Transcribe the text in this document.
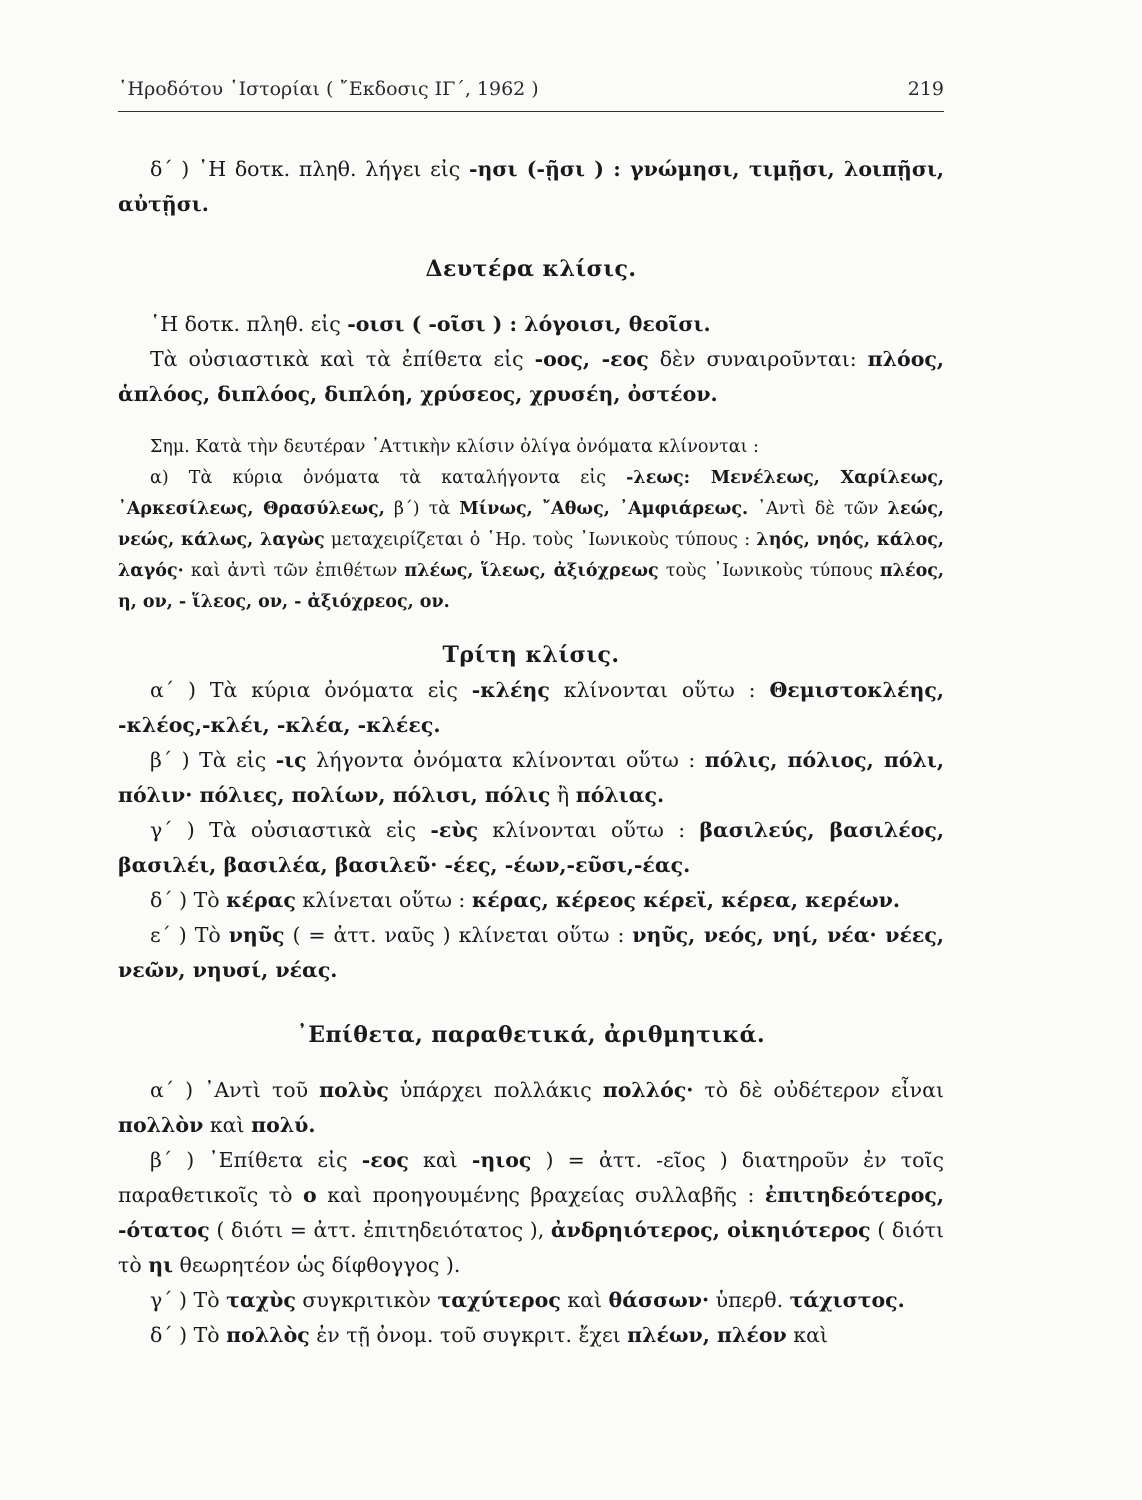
῾Ηροδότου ῾Ιστορίαι ( ῎Εκδοσις ΙΓ΄, 1962 )	219

δ΄ ) ῾Η δοτκ. πληθ. λήγει εἰς -ησι (-ῇσι ) : γνώμησι, τιμῇσι, λοιπῇσι, αὐτῇσι.

Δευτέρα κλίσις.

῾Η δοτκ. πληθ. εἰς -οισι ( -οῖσι ) : λόγοισι, θεοῖσι.

Τὰ οὐσιαστικὰ καὶ τὰ ἐπίθετα εἰς -οος, -εος δὲν συναιροῦνται: πλόος, ἁπλόος, διπλόος, διπλόη, χρύσεος, χρυσέη, ὀστέον.

Σημ. Κατὰ τὴν δευτέραν ᾿Αττικὴν κλίσιν ὀλίγα ὀνόματα κλίνονται :

α) Τὰ κύρια ὀνόματα τὰ καταλήγοντα εἰς -λεως: Μενέλεως, Χαρίλεως, ᾿Αρκεσίλεως, Θρασύλεως, β΄) τὰ Μίνως, ῎Αθως, ᾿Αμφιάρεως. ᾿Αντὶ δὲ τῶν λεώς, νεώς, κάλως, λαγὼς μεταχειρίζεται ὁ ῾Ηρ. τοὺς ᾿Ιωνικοὺς τύπους : ληός, νηός, κάλος, λαγός· καὶ ἀντὶ τῶν ἐπιθέτων πλέως, ἵλεως, ἀξιόχρεως τοὺς ᾿Ιωνικοὺς τύπους πλέος, η, ον, - ἵλεος, ον, - ἀξιόχρεος, ον.

Τρίτη κλίσις.

α΄ ) Τὰ κύρια ὀνόματα εἰς -κλέης κλίνονται οὕτω : Θεμιστοκλέης, -κλέος,-κλέι, -κλέα, -κλέες.

β΄ ) Τὰ εἰς -ις λήγοντα ὀνόματα κλίνονται οὕτω : πόλις, πόλιος, πόλι, πόλιν· πόλιες, πολίων, πόλισι, πόλις ἢ πόλιας.

γ΄ ) Τὰ οὐσιαστικὰ εἰς -εὺς κλίνονται οὕτω : βασιλεύς, βασιλέος, βασιλέι, βασιλέα, βασιλεῦ· -έες, -έων,-εῦσι,-έας.

δ΄ ) Τὸ κέρας κλίνεται οὕτω : κέρας, κέρεος κέρεϊ, κέρεα, κερέων.

ε΄ ) Τὸ νηῦς ( = ἀττ. ναῦς ) κλίνεται οὕτω : νηῦς, νεός, νηί, νέα· νέες, νεῶν, νηυσί, νέας.

᾿Επίθετα, παραθετικά, ἀριθμητικά.

α΄ ) ᾿Αντὶ τοῦ πολὺς ὑπάρχει πολλάκις πολλός· τὸ δὲ οὐδέτερον εἶναι πολλὸν καὶ πολύ.

β΄ ) ᾿Επίθετα εἰς -εος καὶ -ηιος ) = ἀττ. -εῖος ) διατηροῦν ἐν τοῖς παραθετικοῖς τὸ ο καὶ προηγουμένης βραχείας συλλαβῆς : ἐπιτηδεότερος, -ότατος ( διότι = ἀττ. ἐπιτηδειότατος ), ἀνδρηιότερος, οἰκηιότερος ( διότι τὸ ηι θεωρητέον ὡς δίφθογγος ).

γ΄ ) Τὸ ταχὺς συγκριτικὸν ταχύτερος καὶ θάσσων· ὑπερθ. τάχιστος.

δ΄ ) Τὸ πολλὸς ἐν τῇ ὀνομ. τοῦ συγκριτ. ἔχει πλέων, πλέον καὶ
